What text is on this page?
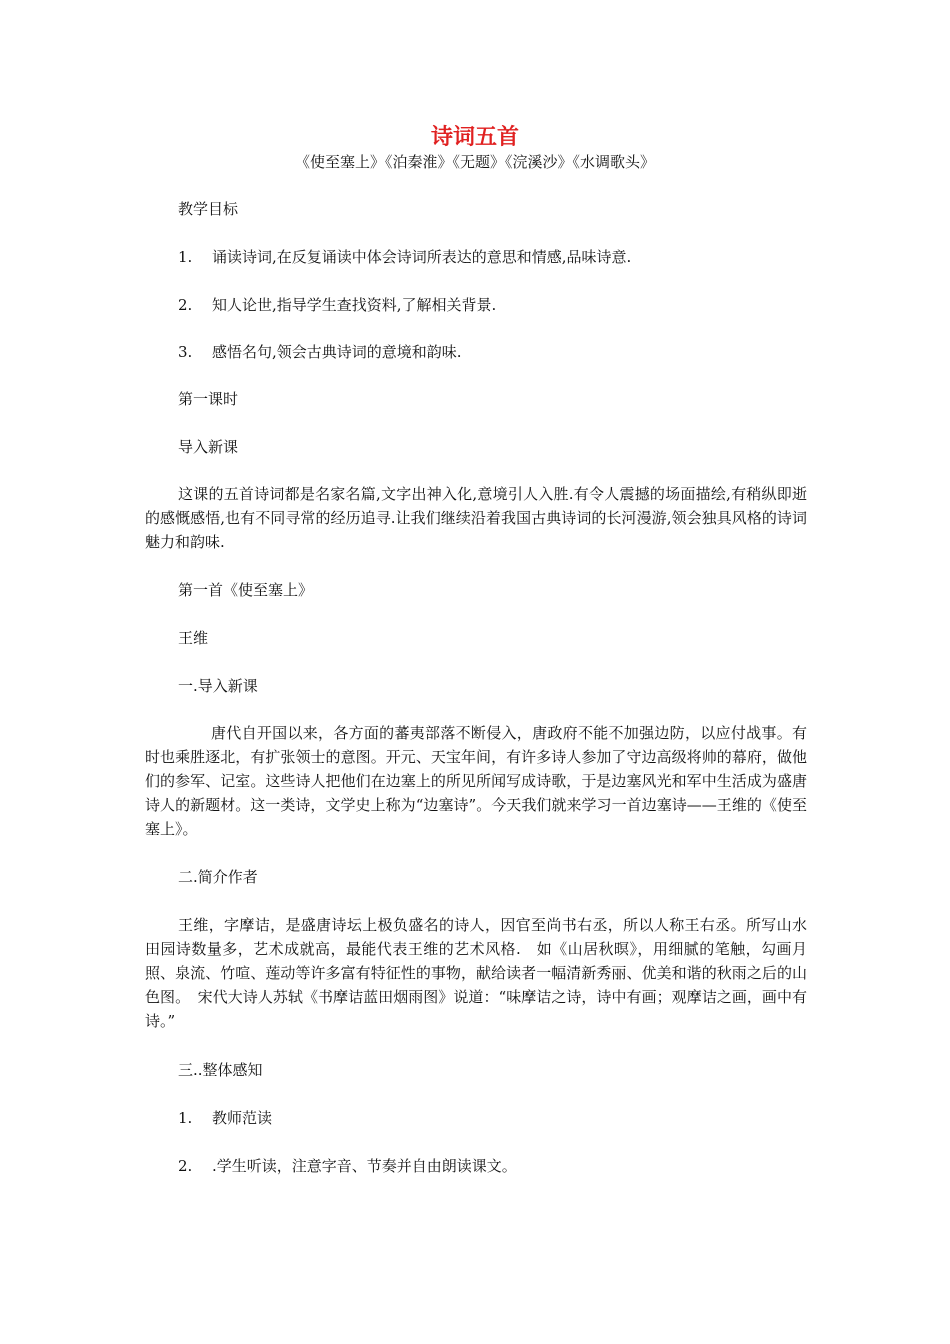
诗词五首
《使至塞上》《泊秦淮》《无题》《浣溪沙》《水调歌头》
教学目标
1. 诵读诗词,在反复诵读中体会诗词所表达的意思和情感,品味诗意.
2. 知人论世,指导学生查找资料,了解相关背景.
3. 感悟名句,领会古典诗词的意境和韵味.
第一课时
导入新课

这课的五首诗词都是名家名篇,文字出神入化,意境引人入胜.有令人震撼的场面描绘,有稍纵即逝的感慨感悟,也有不同寻常的经历追寻.让我们继续沿着我国古典诗词的长河漫游,领会独具风格的诗词魅力和韵味.

第一首《使至塞上》
王维
一.导入新课

唐代自开国以来，各方面的蕃夷部落不断侵入，唐政府不能不加强边防，以应付战事。有时也乘胜逐北，有扩张领士的意图。开元、天宝年间，有许多诗人参加了守边高级将帅的幕府，做他们的参军、记室。这些诗人把他们在边塞上的所见所闻写成诗歌，于是边塞风光和军中生活成为盛唐诗人的新题材。这一类诗，文学史上称为“边塞诗”。今天我们就来学习一首边塞诗——王维的《使至塞上》。

二.简介作者

王维，字摩诘，是盛唐诗坛上极负盛名的诗人，因官至尚书右丞，所以人称王右丞。所写山水田园诗数量多，艺术成就高，最能代表王维的艺术风格.　如《山居秋暝》，用细腻的笔触，勾画月照、泉流、竹喧、莲动等许多富有特征性的事物，献给读者一幅清新秀丽、优美和谐的秋雨之后的山色图。　宋代大诗人苏轼《书摩诘蓝田烟雨图》说道：“味摩诘之诗，诗中有画；观摩诘之画，画中有诗。”

三..整体感知
1. 教师范读
2. .学生听读，注意字音、节奏并自由朗读课文。
